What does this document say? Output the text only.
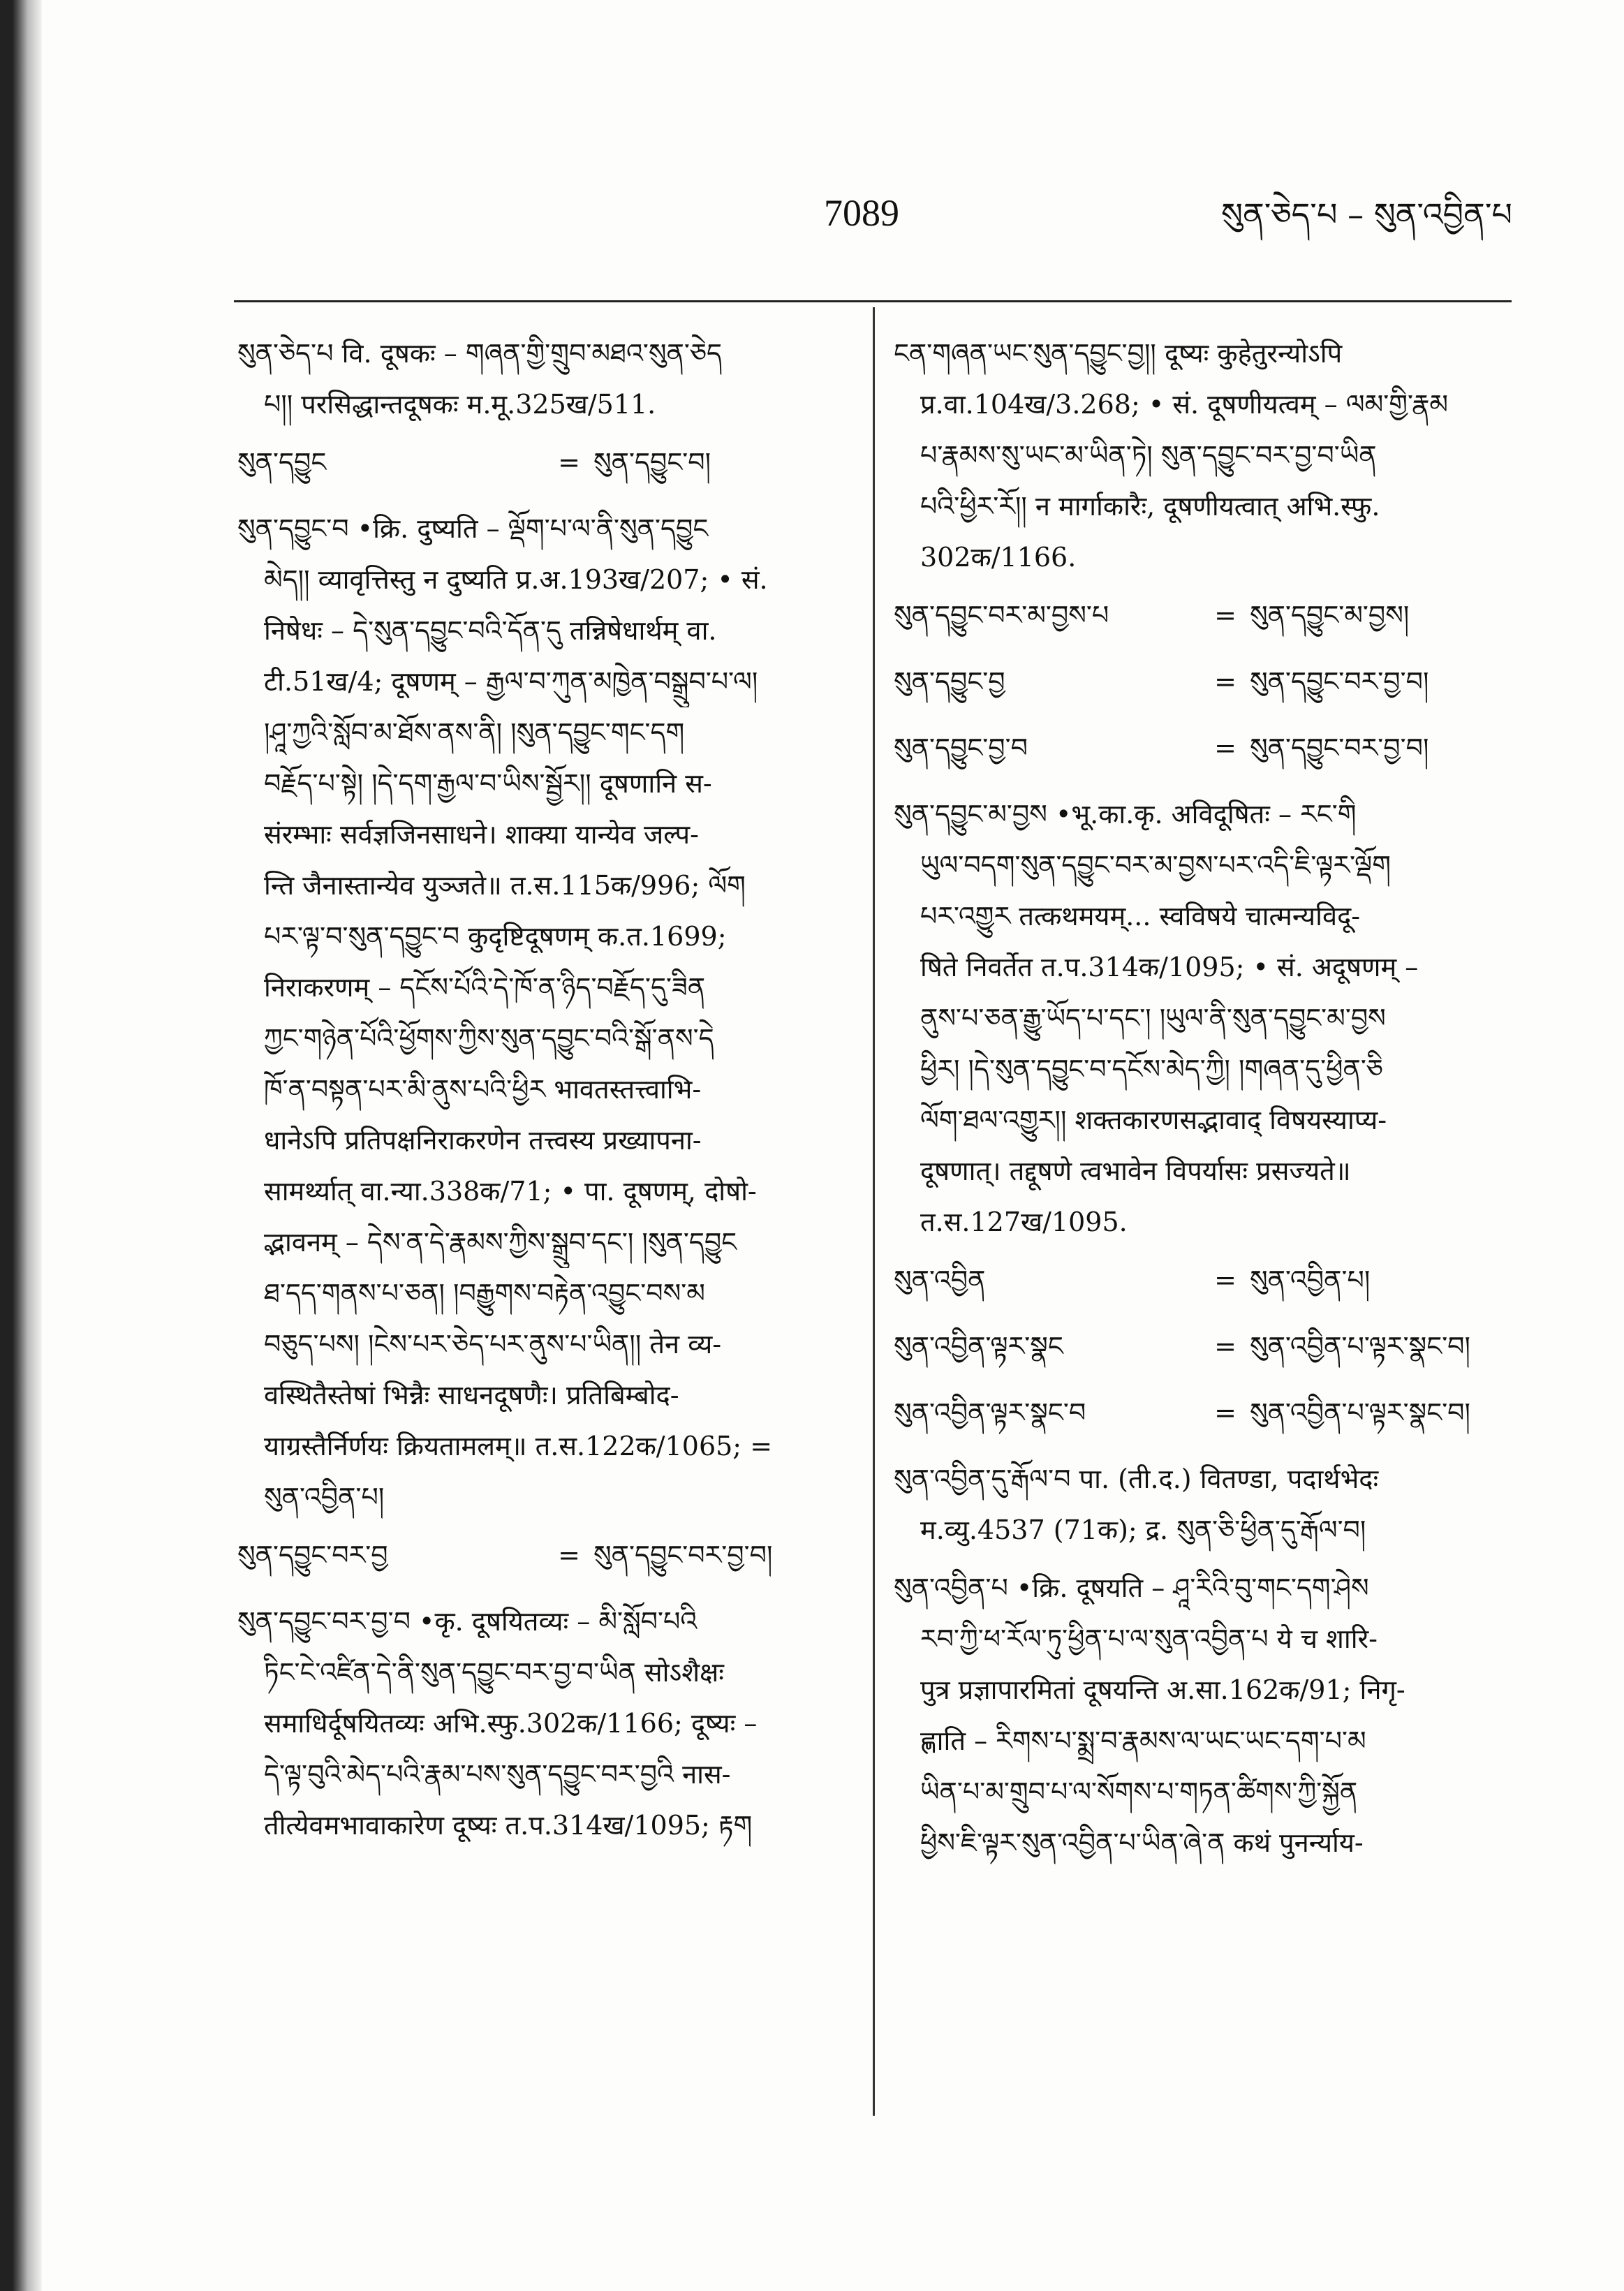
7089	སུན་ཅེད་པ – སུན་འབྱིན་པ
སུན་ཅེད་པ वि. दूषकः – གཞན་གྱི་གྲུབ་མཐའ་སུན་ཅེད
པ།། परसिद्धान्तदूषकः म.मू.325ख/511.
སུན་དབྱུང	= སུན་དབྱུང་བ།
སུན་དབྱུང་བ •क्रि. दुष्यति – ལྡོག་པ་ལ་ནི་སུན་དབྱུང
མེད།། व्यावृत्तिस्तु न दुष्यति प्र.अ.193ख/207; • सं.
निषेधः – དེ་སུན་དབྱུང་བའི་དོན་དུ तन्निषेधार्थम् वा.
टी.51ख/4; दूषणम् – རྒྱལ་བ་ཀུན་མཁྱེན་བསྒྲུབ་པ་ལ།
།ཤཱ་ཀྱའི་སློབ་མ་ཐོས་ནས་ནི། །སུན་དབྱུང་གང་དག
བརྗོད་པ་སྟེ། །དེ་དག་རྒྱལ་བ་ཡིས་སྦྱོར།། दूषणानि स-
संरम्भाः सर्वज्ञजिनसाधने। शाक्या यान्येव जल्प-
न्ति जैनास्तान्येव युञ्जते॥ त.स.115क/996; ལོག
པར་ལྟ་བ་སུན་དབྱུང་བ कुदृष्टिदूषणम् क.त.1699;
निराकरणम् – དངོས་པོའི་དེ་ཁོ་ན་ཉིད་བརྗོད་དུ་ཟིན
ཀྱང་གཉེན་པོའི་ཕྱོགས་ཀྱིས་སུན་དབྱུང་བའི་སྒོ་ནས་དེ
ཁོ་ན་བསྟན་པར་མི་ནུས་པའི་ཕྱིར भावतस्तत्त्वाभि-
धानेऽपि प्रतिपक्षनिराकरणेन तत्त्वस्य प्रख्यापना-
सामर्थ्यात् वा.न्या.338क/71; • पा. दूषणम्, दोषो-
द्भावनम् – དེས་ན་དེ་རྣམས་ཀྱིས་སྒྲུབ་དང་། །སུན་དབྱུང
ཐ་དད་གནས་པ་ཅན། །བརྒྱུགས་བརྟེན་འབྱུང་བས་མ
བཅུད་པས། །ངེས་པར་ཅེད་པར་ནུས་པ་ཡིན།། तेन व्य-
वस्थितैस्तेषां भिन्नैः साधनदूषणैः। प्रतिबिम्बोद-
याग्रस्तैर्निर्णयः क्रियतामलम्॥ त.स.122क/1065; =
སུན་འབྱིན་པ།
སུན་དབྱུང་བར་བྱ	= སུན་དབྱུང་བར་བྱ་བ།
སུན་དབྱུང་བར་བྱ་བ •कृ. दूषयितव्यः – མི་སློབ་པའི
ཏིང་ངེ་འཛིན་དེ་ནི་སུན་དབྱུང་བར་བྱ་བ་ཡིན सोऽशैक्षः
समाधिर्दूषयितव्यः अभि.स्फु.302क/1166; दूष्यः –
དེ་ལྟ་བུའི་མེད་པའི་རྣམ་པས་སུན་དབྱུང་བར་བྱའི नास-
तीत्येवमभावाकारेण दूष्यः त.प.314ख/1095; རྟག
ངན་གཞན་ཡང་སུན་དབྱུང་བྱ།། दूष्यः कुहेतुरन्योऽपि
प्र.वा.104ख/3.268; • सं. दूषणीयत्वम् – ལམ་གྱི་རྣམ
པ་རྣམས་སུ་ཡང་མ་ཡིན་ཏེ། སུན་དབྱུང་བར་བྱ་བ་ཡིན
པའི་ཕྱིར་རོ།། न मार्गाकारैः, दूषणीयत्वात् अभि.स्फु.
302क/1166.
སུན་དབྱུང་བར་མ་བྱས་པ	= སུན་དབྱུང་མ་བྱས།
སུན་དབྱུང་བྱ	= སུན་དབྱུང་བར་བྱ་བ།
སུན་དབྱུང་བྱ་བ	= སུན་དབྱུང་བར་བྱ་བ།
སུན་དབྱུང་མ་བྱས •भू.का.कृ. अविदूषितः – རང་གི
ཡུལ་བདག་སུན་དབྱུང་བར་མ་བྱས་པར་འདི་ཇི་ལྟར་ལྡོག
པར་འགྱུར तत्कथमयम्... स्वविषये चात्मन्यविदू-
षिते निवर्तेत त.प.314क/1095; • सं. अदूषणम् –
ནུས་པ་ཅན་རྒྱུ་ཡོད་པ་དང་། །ཡུལ་ནི་སུན་དབྱུང་མ་བྱས
ཕྱིར། །དེ་སུན་དབྱུང་བ་དངོས་མེད་ཀྱི། །གཞན་དུ་ཕྱིན་ཅི
ལོག་ཐལ་འགྱུར།། शक्तकारणसद्भावाद् विषयस्याप्य-
दूषणात्। तद्दूषणे त्वभावेन विपर्यासः प्रसज्यते॥
त.स.127ख/1095.
སུན་འབྱིན	= སུན་འབྱིན་པ།
སུན་འབྱིན་ལྟར་སྣང	= སུན་འབྱིན་པ་ལྟར་སྣང་བ།
སུན་འབྱིན་ལྟར་སྣང་བ	= སུན་འབྱིན་པ་ལྟར་སྣང་བ།
སུན་འབྱིན་དུ་རྒོལ་བ पा. (ती.द.) वितण्डा, पदार्थभेदः
म.व्यु.4537 (71क); द्र. སུན་ཅི་ཕྱིན་དུ་རྒོལ་བ།
སུན་འབྱིན་པ •क्रि. दूषयति – ཤཱ་རིའི་བུ་གང་དག་ཤེས
རབ་ཀྱི་ཕ་རོལ་ཏུ་ཕྱིན་པ་ལ་སུན་འབྱིན་པ ये च शारि-
पुत्र प्रज्ञापारमितां दूषयन्ति अ.सा.162क/91; निगृ-
ह्णाति – རིགས་པ་སྨྲ་བ་རྣམས་ལ་ཡང་ཡང་དག་པ་མ
ཡིན་པ་མ་གྲུབ་པ་ལ་སོགས་པ་གཏན་ཚིགས་ཀྱི་སྐྱོན
ཕྱིས་ཇི་ལྟར་སུན་འབྱིན་པ་ཡིན་ཞེ་ན कथं पुनर्न्याय-
